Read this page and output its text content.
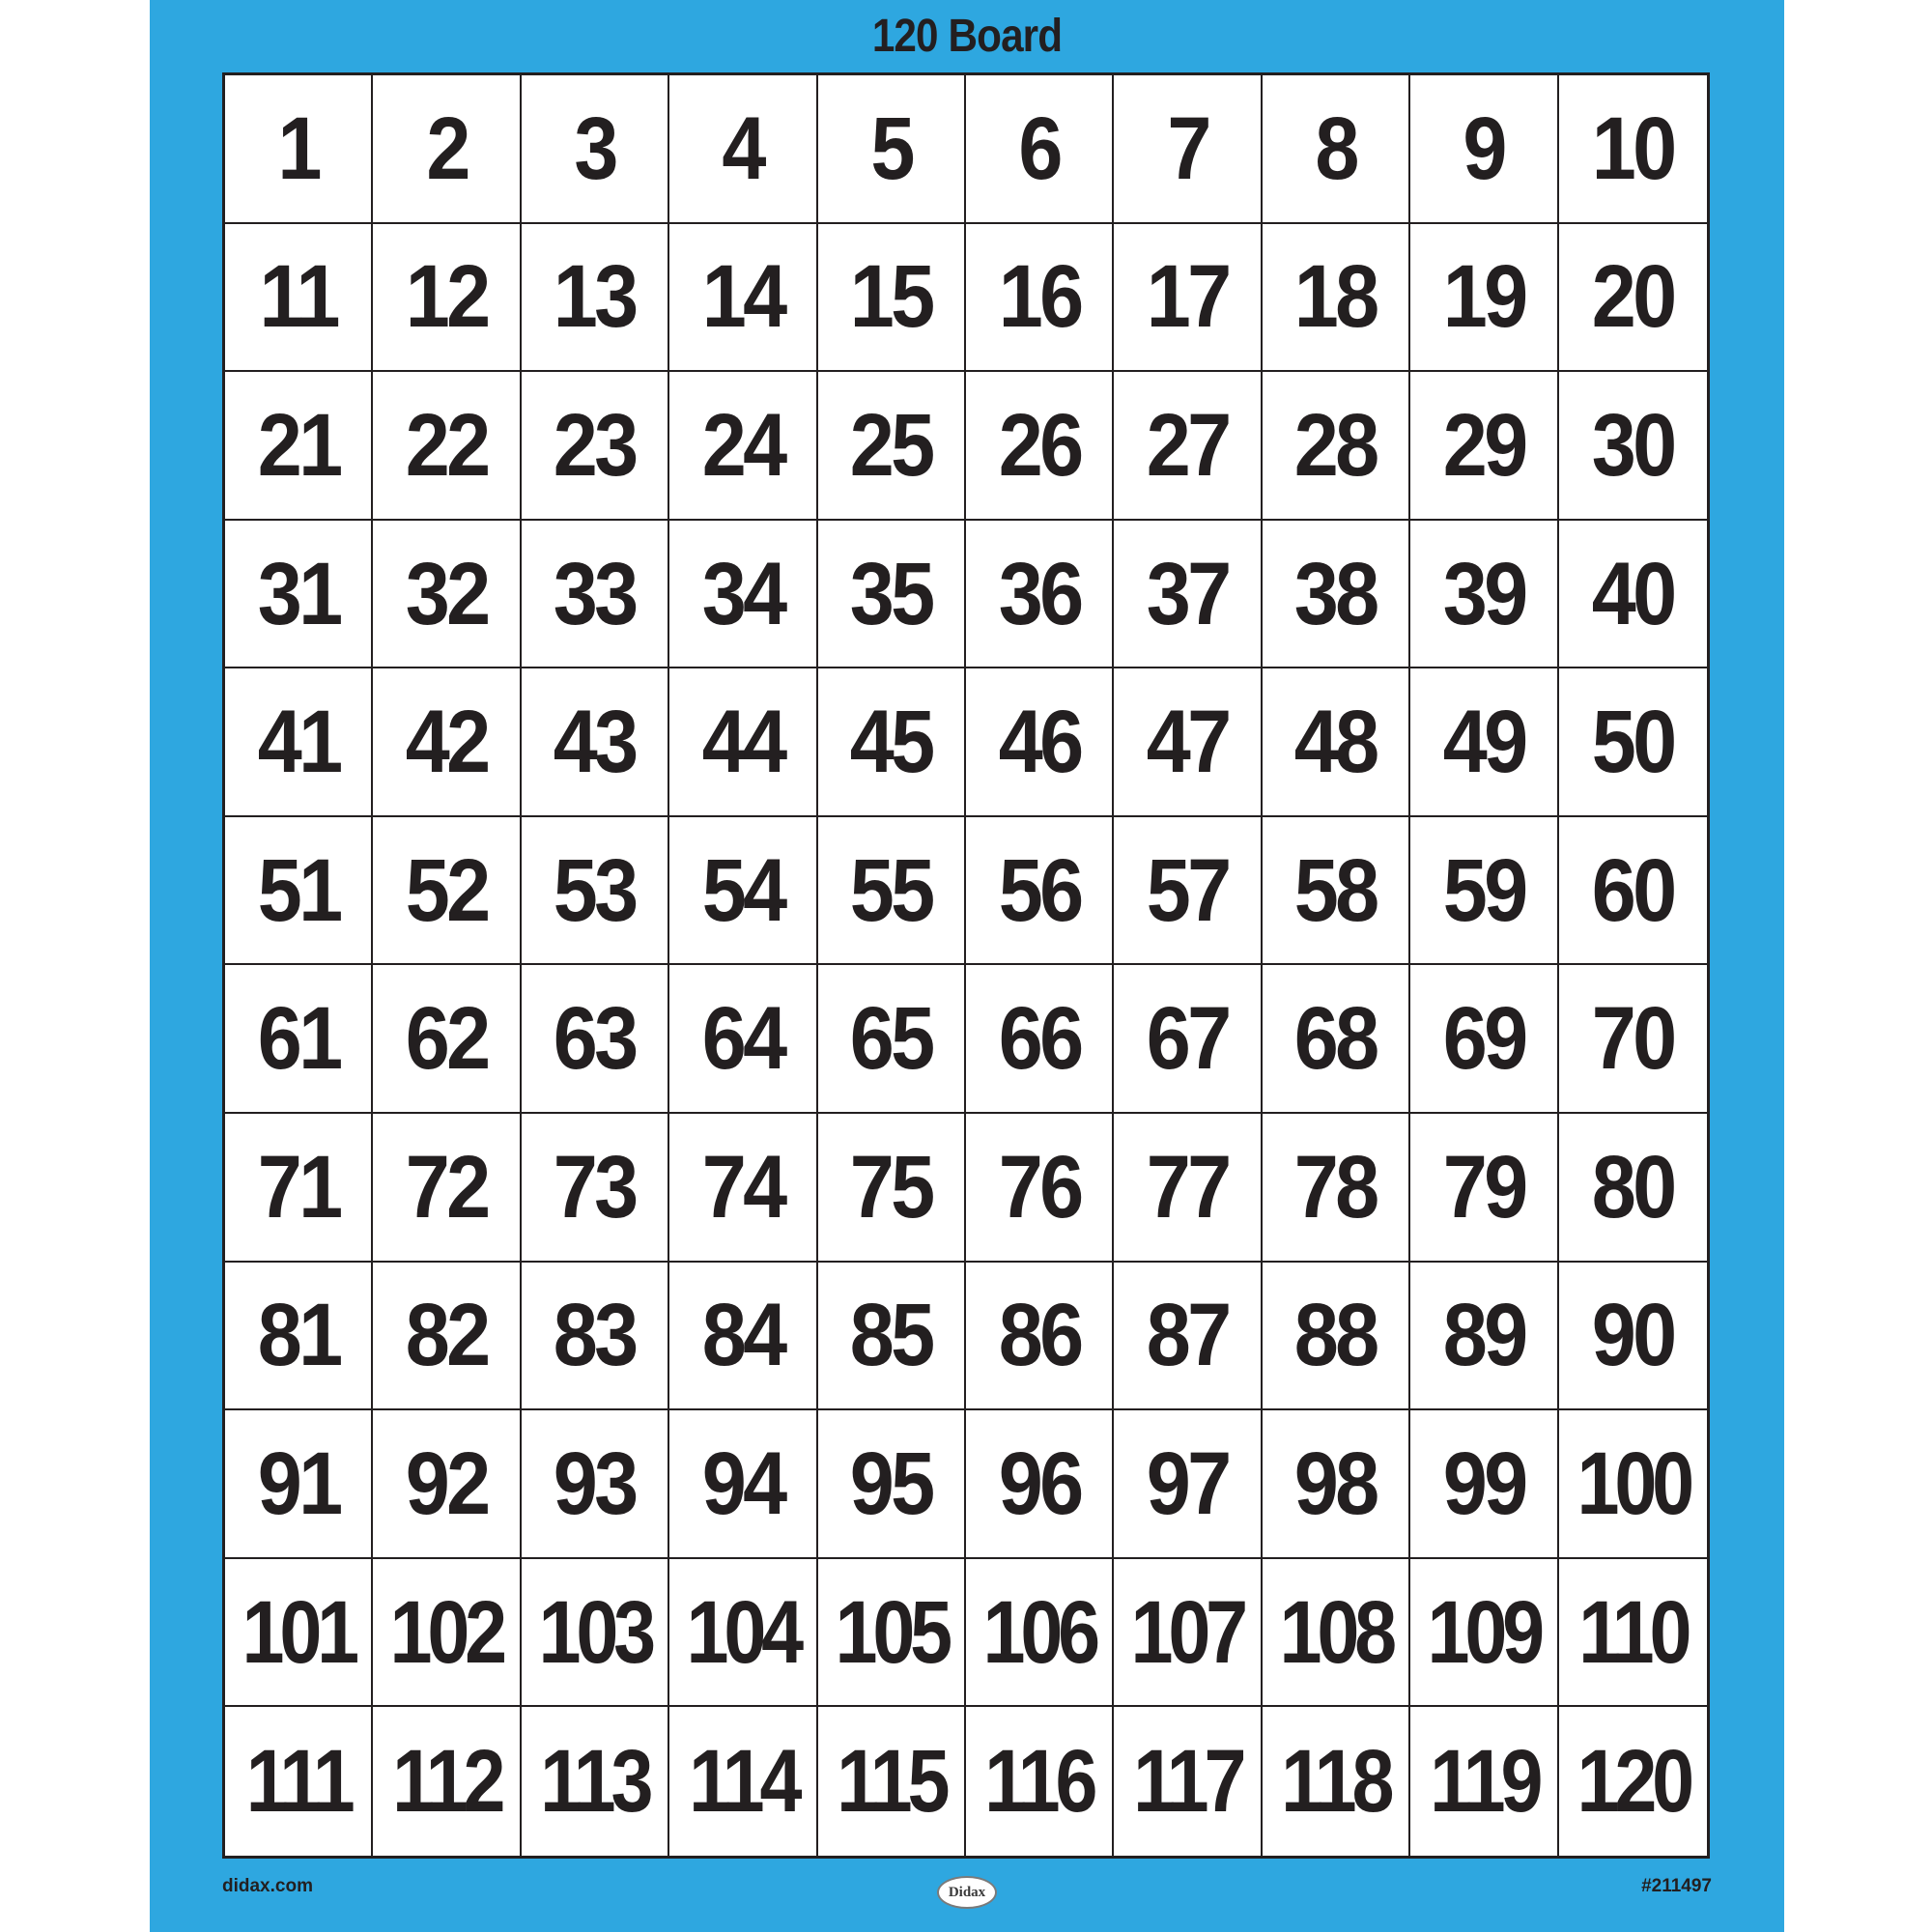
120 Board
1 2 3 4 5 6 7 8 9 10
11 12 13 14 15 16 17 18 19 20
21 22 23 24 25 26 27 28 29 30
31 32 33 34 35 36 37 38 39 40
41 42 43 44 45 46 47 48 49 50
51 52 53 54 55 56 57 58 59 60
61 62 63 64 65 66 67 68 69 70
71 72 73 74 75 76 77 78 79 80
81 82 83 84 85 86 87 88 89 90
91 92 93 94 95 96 97 98 99 100
101 102 103 104 105 106 107 108 109 110
111 112 113 114 115 116 117 118 119 120
didax.com	Didax	#211497
